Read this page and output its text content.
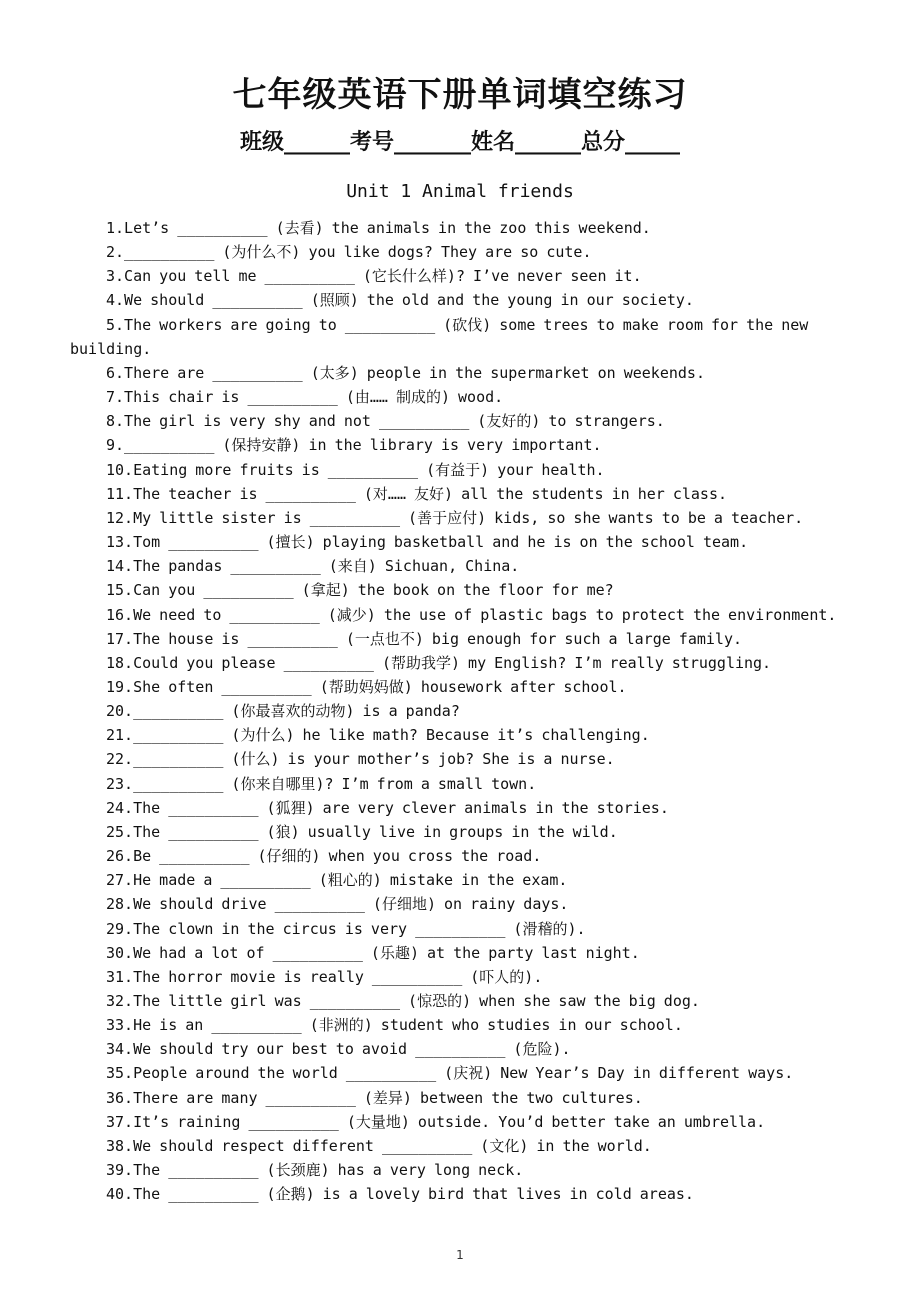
七年级英语下册单词填空练习
班级______考号_______姓名______总分_____
Unit 1 Animal friends
1.Let’s __________ (去看) the animals in the zoo this weekend.
2.__________ (为什么不) you like dogs? They are so cute.
3.Can you tell me __________ (它长什么样)? I’ve never seen it.
4.We should __________ (照顾) the old and the young in our society.
5.The workers are going to __________ (砍伐) some trees to make room for the new building.
6.There are __________ (太多) people in the supermarket on weekends.
7.This chair is __________ (由…… 制成的) wood.
8.The girl is very shy and not __________ (友好的) to strangers.
9.__________ (保持安静) in the library is very important.
10.Eating more fruits is __________ (有益于) your health.
11.The teacher is __________ (对…… 友好) all the students in her class.
12.My little sister is __________ (善于应付) kids, so she wants to be a teacher.
13.Tom __________ (擅长) playing basketball and he is on the school team.
14.The pandas __________ (来自) Sichuan, China.
15.Can you __________ (拿起) the book on the floor for me?
16.We need to __________ (减少) the use of plastic bags to protect the environment.
17.The house is __________ (一点也不) big enough for such a large family.
18.Could you please __________ (帮助我学) my English? I’m really struggling.
19.She often __________ (帮助妈妈做) housework after school.
20.__________ (你最喜欢的动物) is a panda?
21.__________ (为什么) he like math? Because it’s challenging.
22.__________ (什么) is your mother’s job? She is a nurse.
23.__________ (你来自哪里)? I’m from a small town.
24.The __________ (狐狸) are very clever animals in the stories.
25.The __________ (狼) usually live in groups in the wild.
26.Be __________ (仔细的) when you cross the road.
27.He made a __________ (粗心的) mistake in the exam.
28.We should drive __________ (仔细地) on rainy days.
29.The clown in the circus is very __________ (滑稽的).
30.We had a lot of __________ (乐趣) at the party last night.
31.The horror movie is really __________ (吓人的).
32.The little girl was __________ (惊恐的) when she saw the big dog.
33.He is an __________ (非洲的) student who studies in our school.
34.We should try our best to avoid __________ (危险).
35.People around the world __________ (庆祝) New Year’s Day in different ways.
36.There are many __________ (差异) between the two cultures.
37.It’s raining __________ (大量地) outside. You’d better take an umbrella.
38.We should respect different __________ (文化) in the world.
39.The __________ (长颈鹿) has a very long neck.
40.The __________ (企鹅) is a lovely bird that lives in cold areas.
1
